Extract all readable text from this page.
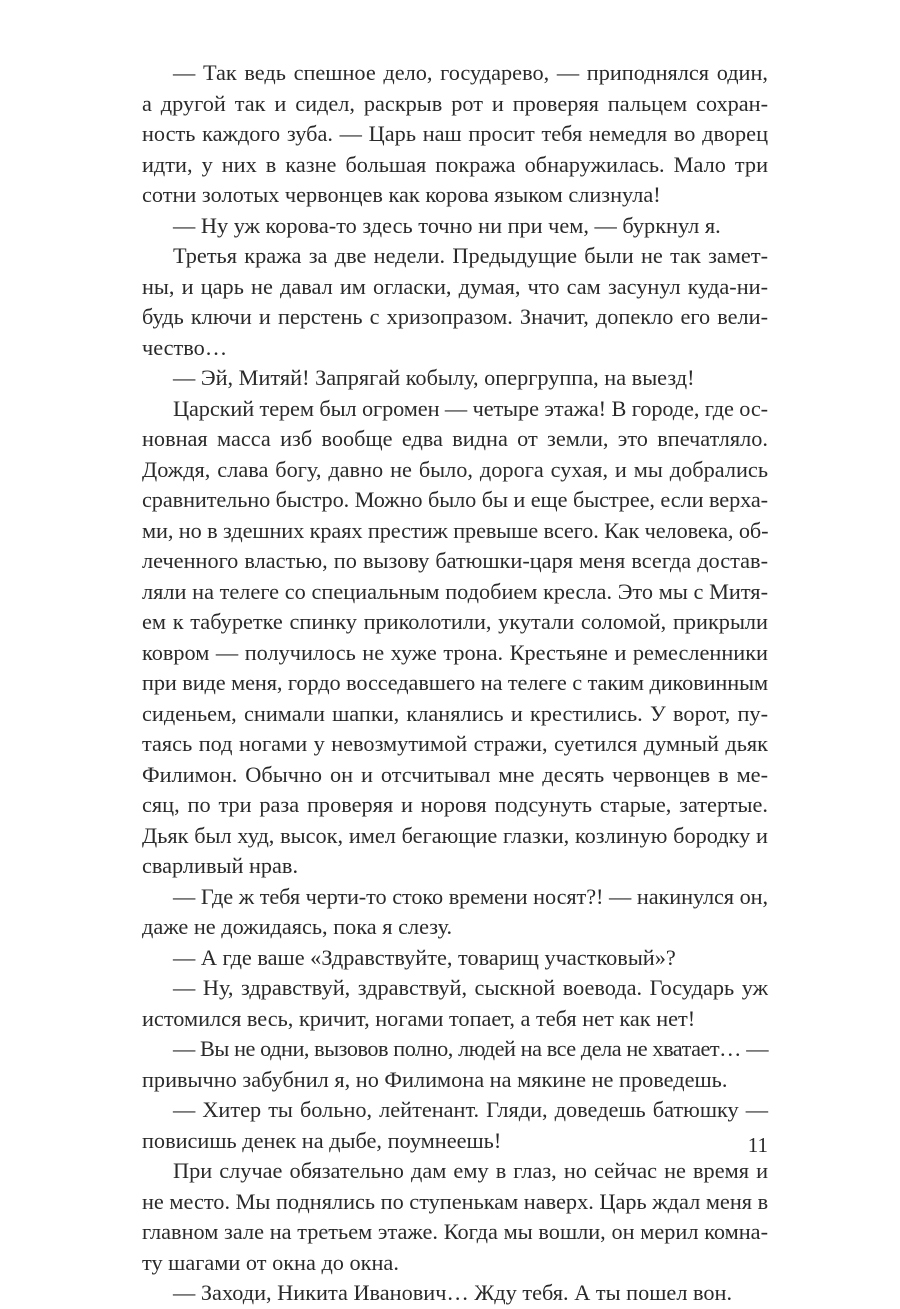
— Так ведь спешное дело, государево, — приподнялся один,
а другой так и сидел, раскрыв рот и проверяя пальцем сохран-
ность каждого зуба. — Царь наш просит тебя немедля во дворец
идти, у них в казне большая покража обнаружилась. Мало три
сотни золотых червонцев как корова языком слизнула!

— Ну уж корова-то здесь точно ни при чем, — буркнул я.

Третья кража за две недели. Предыдущие были не так замет-
ны, и царь не давал им огласки, думая, что сам засунул куда-ни-
будь ключи и перстень с хризопразом. Значит, допекло его вели-
чество…

— Эй, Митяй! Запрягай кобылу, опергруппа, на выезд!

Царский терем был огромен — четыре этажа! В городе, где ос-
новная масса изб вообще едва видна от земли, это впечатляло.
Дождя, слава богу, давно не было, дорога сухая, и мы добрались
сравнительно быстро. Можно было бы и еще быстрее, если верха-
ми, но в здешних краях престиж превыше всего. Как человека, об-
леченного властью, по вызову батюшки-царя меня всегда достав-
ляли на телеге со специальным подобием кресла. Это мы с Митя-
ем к табуретке спинку приколотили, укутали соломой, прикрыли
ковром — получилось не хуже трона. Крестьяне и ремесленники
при виде меня, гордо восседавшего на телеге с таким диковинным
сиденьем, снимали шапки, кланялись и крестились. У ворот, пу-
таясь под ногами у невозмутимой стражи, суетился думный дьяк
Филимон. Обычно он и отсчитывал мне десять червонцев в ме-
сяц, по три раза проверяя и норовя подсунуть старые, затертые.
Дьяк был худ, высок, имел бегающие глазки, козлиную бородку и
сварливый нрав.

— Где ж тебя черти-то стоко времени носят?! — накинулся он,
даже не дожидаясь, пока я слезу.

— А где ваше «Здравствуйте, товарищ участковый»?

— Ну, здравствуй, здравствуй, сыскной воевода. Государь уж
истомился весь, кричит, ногами топает, а тебя нет как нет!

— Вы не одни, вызовов полно, людей на все дела не хватает… —
привычно забубнил я, но Филимона на мякине не проведешь.

— Хитер ты больно, лейтенант. Гляди, доведешь батюшку —
повисишь денек на дыбе, поумнеешь!

При случае обязательно дам ему в глаз, но сейчас не время и
не место. Мы поднялись по ступенькам наверх. Царь ждал меня в
главном зале на третьем этаже. Когда мы вошли, он мерил комна-
ту шагами от окна до окна.

— Заходи, Никита Иванович… Жду тебя. А ты пошел вон.

11
